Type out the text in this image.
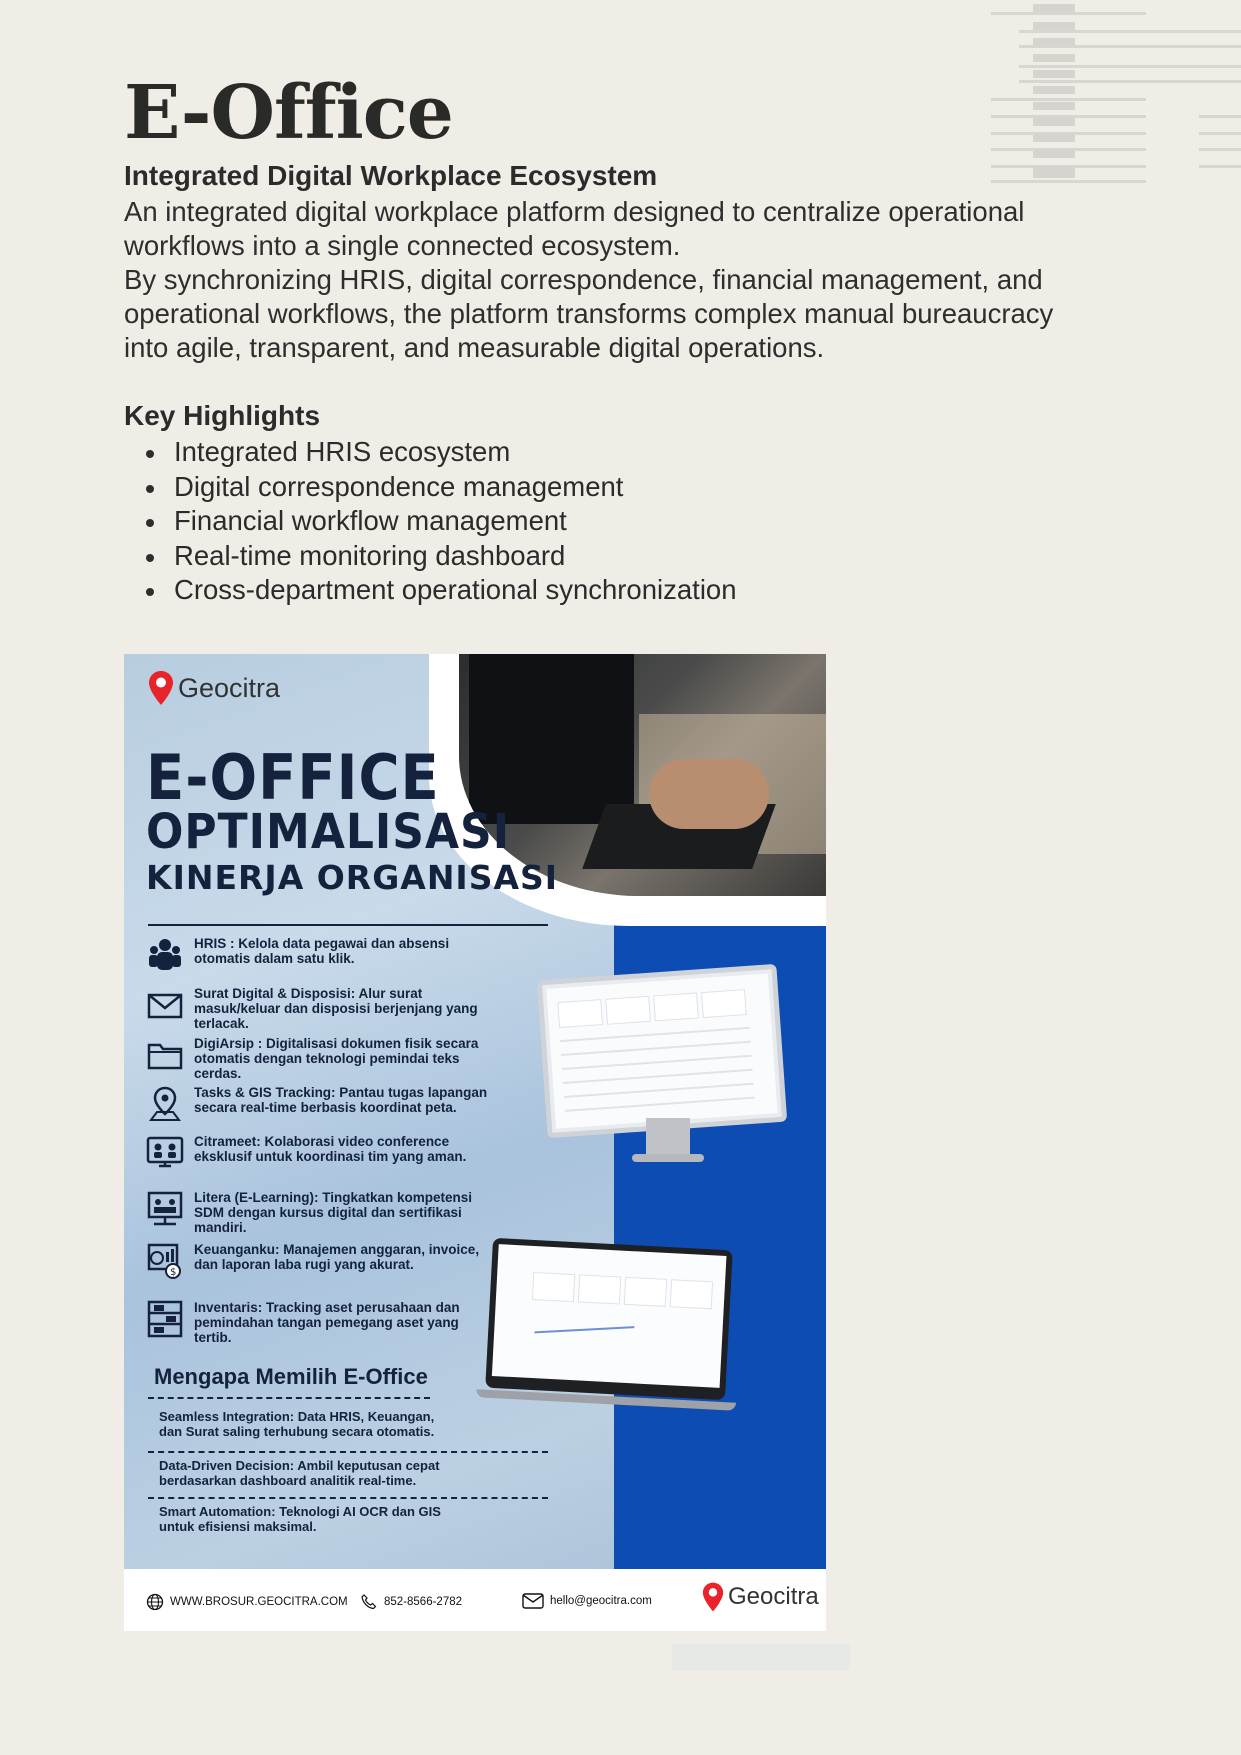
E-Office
Integrated Digital Workplace Ecosystem

An integrated digital workplace platform designed to centralize operational workflows into a single connected ecosystem.

By synchronizing HRIS, digital correspondence, financial management, and operational workflows, the platform transforms complex manual bureaucracy into agile, transparent, and measurable digital operations.

Key Highlights
Integrated HRIS ecosystem
Digital correspondence management
Financial workflow management
Real-time monitoring dashboard
Cross-department operational synchronization
Geocitra
E-OFFICE
OPTIMALISASI
KINERJA ORGANISASI
HRIS : Kelola data pegawai dan absensi otomatis dalam satu klik.
Surat Digital & Disposisi: Alur surat masuk/keluar dan disposisi berjenjang yang terlacak.
DigiArsip : Digitalisasi dokumen fisik secara otomatis dengan teknologi pemindai teks cerdas.
Tasks & GIS Tracking: Pantau tugas lapangan secara real-time berbasis koordinat peta.
Citrameet: Kolaborasi video conference eksklusif untuk koordinasi tim yang aman.
Litera (E-Learning): Tingkatkan kompetensi SDM dengan kursus digital dan sertifikasi mandiri.
$
Keuanganku: Manajemen anggaran, invoice, dan laporan laba rugi yang akurat.
Inventaris: Tracking aset perusahaan dan pemindahan tangan pemegang aset yang tertib.
Mengapa Memilih E-Office
Seamless Integration: Data HRIS, Keuangan, dan Surat saling terhubung secara otomatis.
Data-Driven Decision: Ambil keputusan cepat berdasarkan dashboard analitik real-time.
Smart Automation: Teknologi AI OCR dan GIS untuk efisiensi maksimal.
WWW.BROSUR.GEOCITRA.COM	852-8566-2782	hello@geocitra.com	Geocitra
